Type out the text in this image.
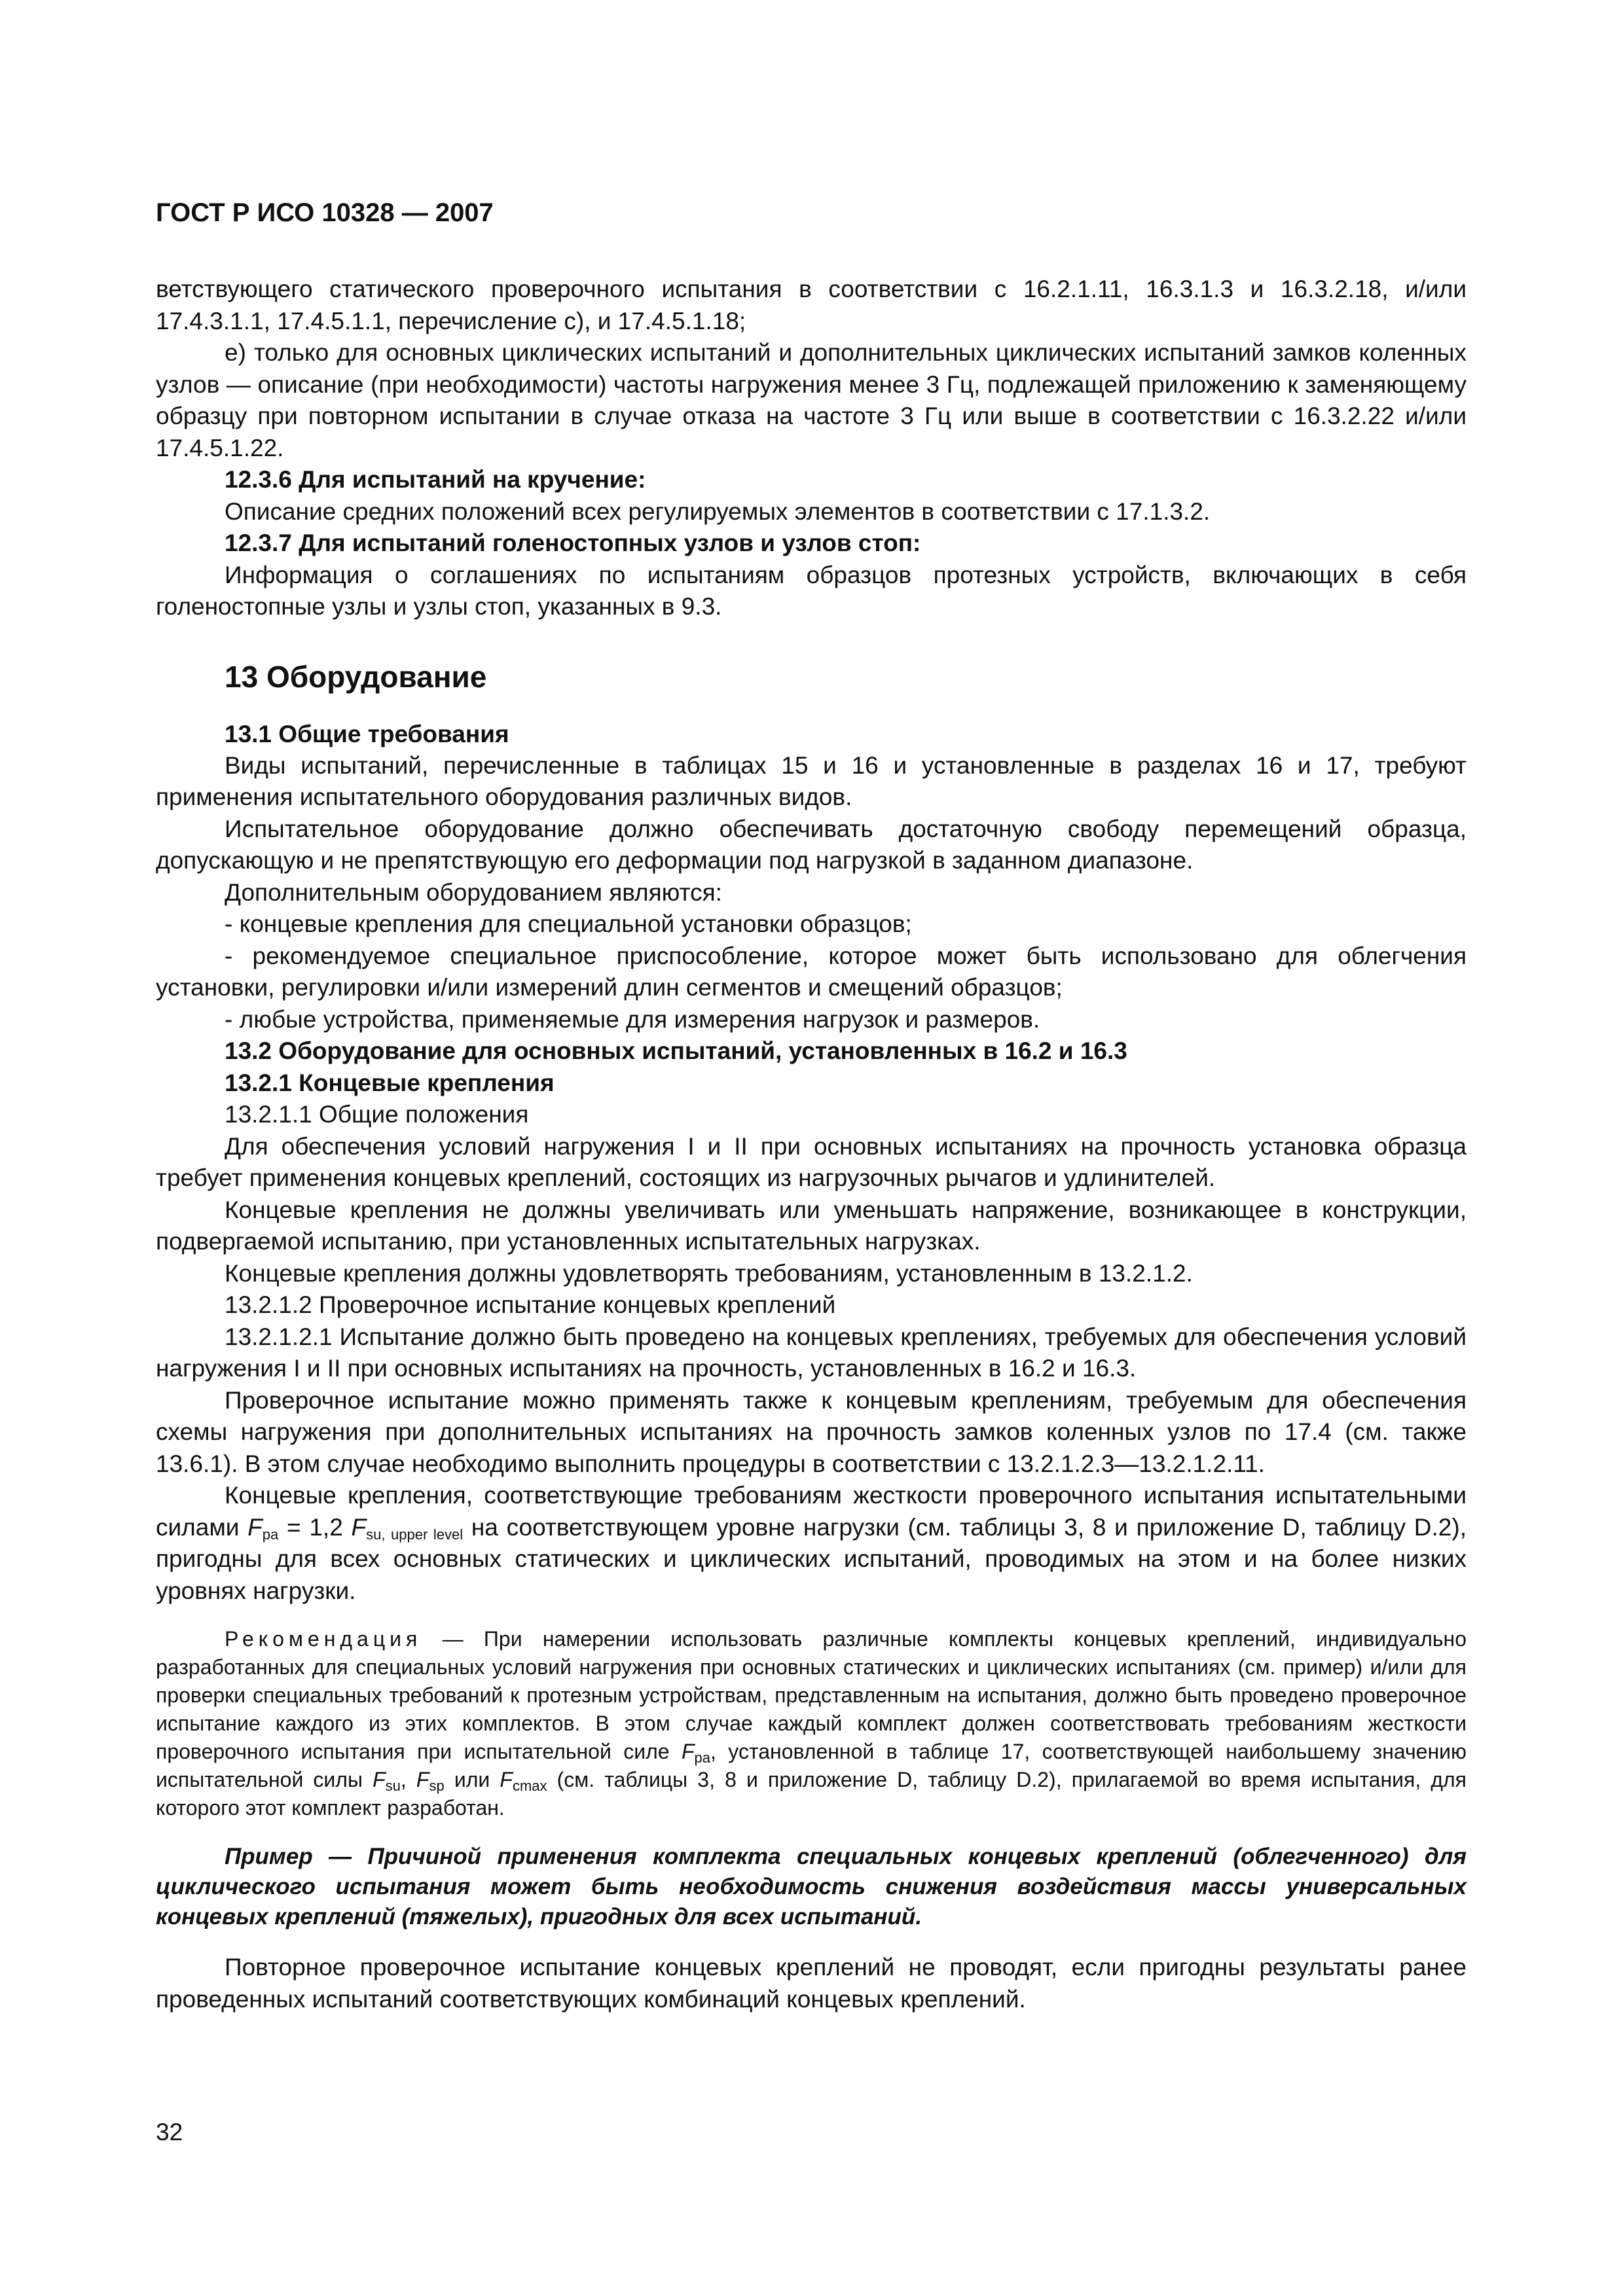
ГОСТ Р ИСО 10328 — 2007

ветствующего статического проверочного испытания в соответствии с 16.2.1.11, 16.3.1.3 и 16.3.2.18, и/или 17.4.3.1.1, 17.4.5.1.1, перечисление с), и 17.4.5.1.18;

е) только для основных циклических испытаний и дополнительных циклических испытаний замков коленных узлов — описание (при необходимости) частоты нагружения менее 3 Гц, подлежащей приложению к заменяющему образцу при повторном испытании в случае отказа на частоте 3 Гц или выше в соответствии с 16.3.2.22 и/или 17.4.5.1.22.

12.3.6 Для испытаний на кручение:

Описание средних положений всех регулируемых элементов в соответствии с 17.1.3.2.

12.3.7 Для испытаний голеностопных узлов и узлов стоп:

Информация о соглашениях по испытаниям образцов протезных устройств, включающих в себя голеностопные узлы и узлы стоп, указанных в 9.3.

13 Оборудование
13.1 Общие требования

Виды испытаний, перечисленные в таблицах 15 и 16 и установленные в разделах 16 и 17, требуют применения испытательного оборудования различных видов.

Испытательное оборудование должно обеспечивать достаточную свободу перемещений образца, допускающую и не препятствующую его деформации под нагрузкой в заданном диапазоне.

Дополнительным оборудованием являются:

- концевые крепления для специальной установки образцов;

- рекомендуемое специальное приспособление, которое может быть использовано для облегчения установки, регулировки и/или измерений длин сегментов и смещений образцов;

- любые устройства, применяемые для измерения нагрузок и размеров.

13.2 Оборудование для основных испытаний, установленных в 16.2 и 16.3

13.2.1 Концевые крепления

13.2.1.1 Общие положения

Для обеспечения условий нагружения I и II при основных испытаниях на прочность установка образца требует применения концевых креплений, состоящих из нагрузочных рычагов и удлинителей.

Концевые крепления не должны увеличивать или уменьшать напряжение, возникающее в конструкции, подвергаемой испытанию, при установленных испытательных нагрузках.

Концевые крепления должны удовлетворять требованиям, установленным в 13.2.1.2.

13.2.1.2 Проверочное испытание концевых креплений

13.2.1.2.1 Испытание должно быть проведено на концевых креплениях, требуемых для обеспечения условий нагружения I и II при основных испытаниях на прочность, установленных в 16.2 и 16.3.

Проверочное испытание можно применять также к концевым креплениям, требуемым для обеспечения схемы нагружения при дополнительных испытаниях на прочность замков коленных узлов по 17.4 (см. также 13.6.1). В этом случае необходимо выполнить процедуры в соответствии с 13.2.1.2.3—13.2.1.2.11.

Концевые крепления, соответствующие требованиям жесткости проверочного испытания испытательными силами $F_{pa} = 1,2$ $F_{su, upper level}$ на соответствующем уровне нагрузки (см. таблицы 3, 8 и приложение D, таблицу D.2), пригодны для всех основных статических и циклических испытаний, проводимых на этом и на более низких уровнях нагрузки.

Рекомендация — При намерении использовать различные комплекты концевых креплений, индивидуально разработанных для специальных условий нагружения при основных статических и циклических испытаниях (см. пример) и/или для проверки специальных требований к протезным устройствам, представленным на испытания, должно быть проведено проверочное испытание каждого из этих комплектов. В этом случае каждый комплект должен соответствовать требованиям жесткости проверочного испытания при испытательной силе $F_{pa}$, установленной в таблице 17, соответствующей наибольшему значению испытательной силы $F_{su}$, $F_{sp}$ или $F_{cmax}$ (см. таблицы 3, 8 и приложение D, таблицу D.2), прилагаемой во время испытания, для которого этот комплект разработан.

Пример — Причиной применения комплекта специальных концевых креплений (облегченного) для циклического испытания может быть необходимость снижения воздействия массы универсальных концевых креплений (тяжелых), пригодных для всех испытаний.

Повторное проверочное испытание концевых креплений не проводят, если пригодны результаты ранее проведенных испытаний соответствующих комбинаций концевых креплений.

32
